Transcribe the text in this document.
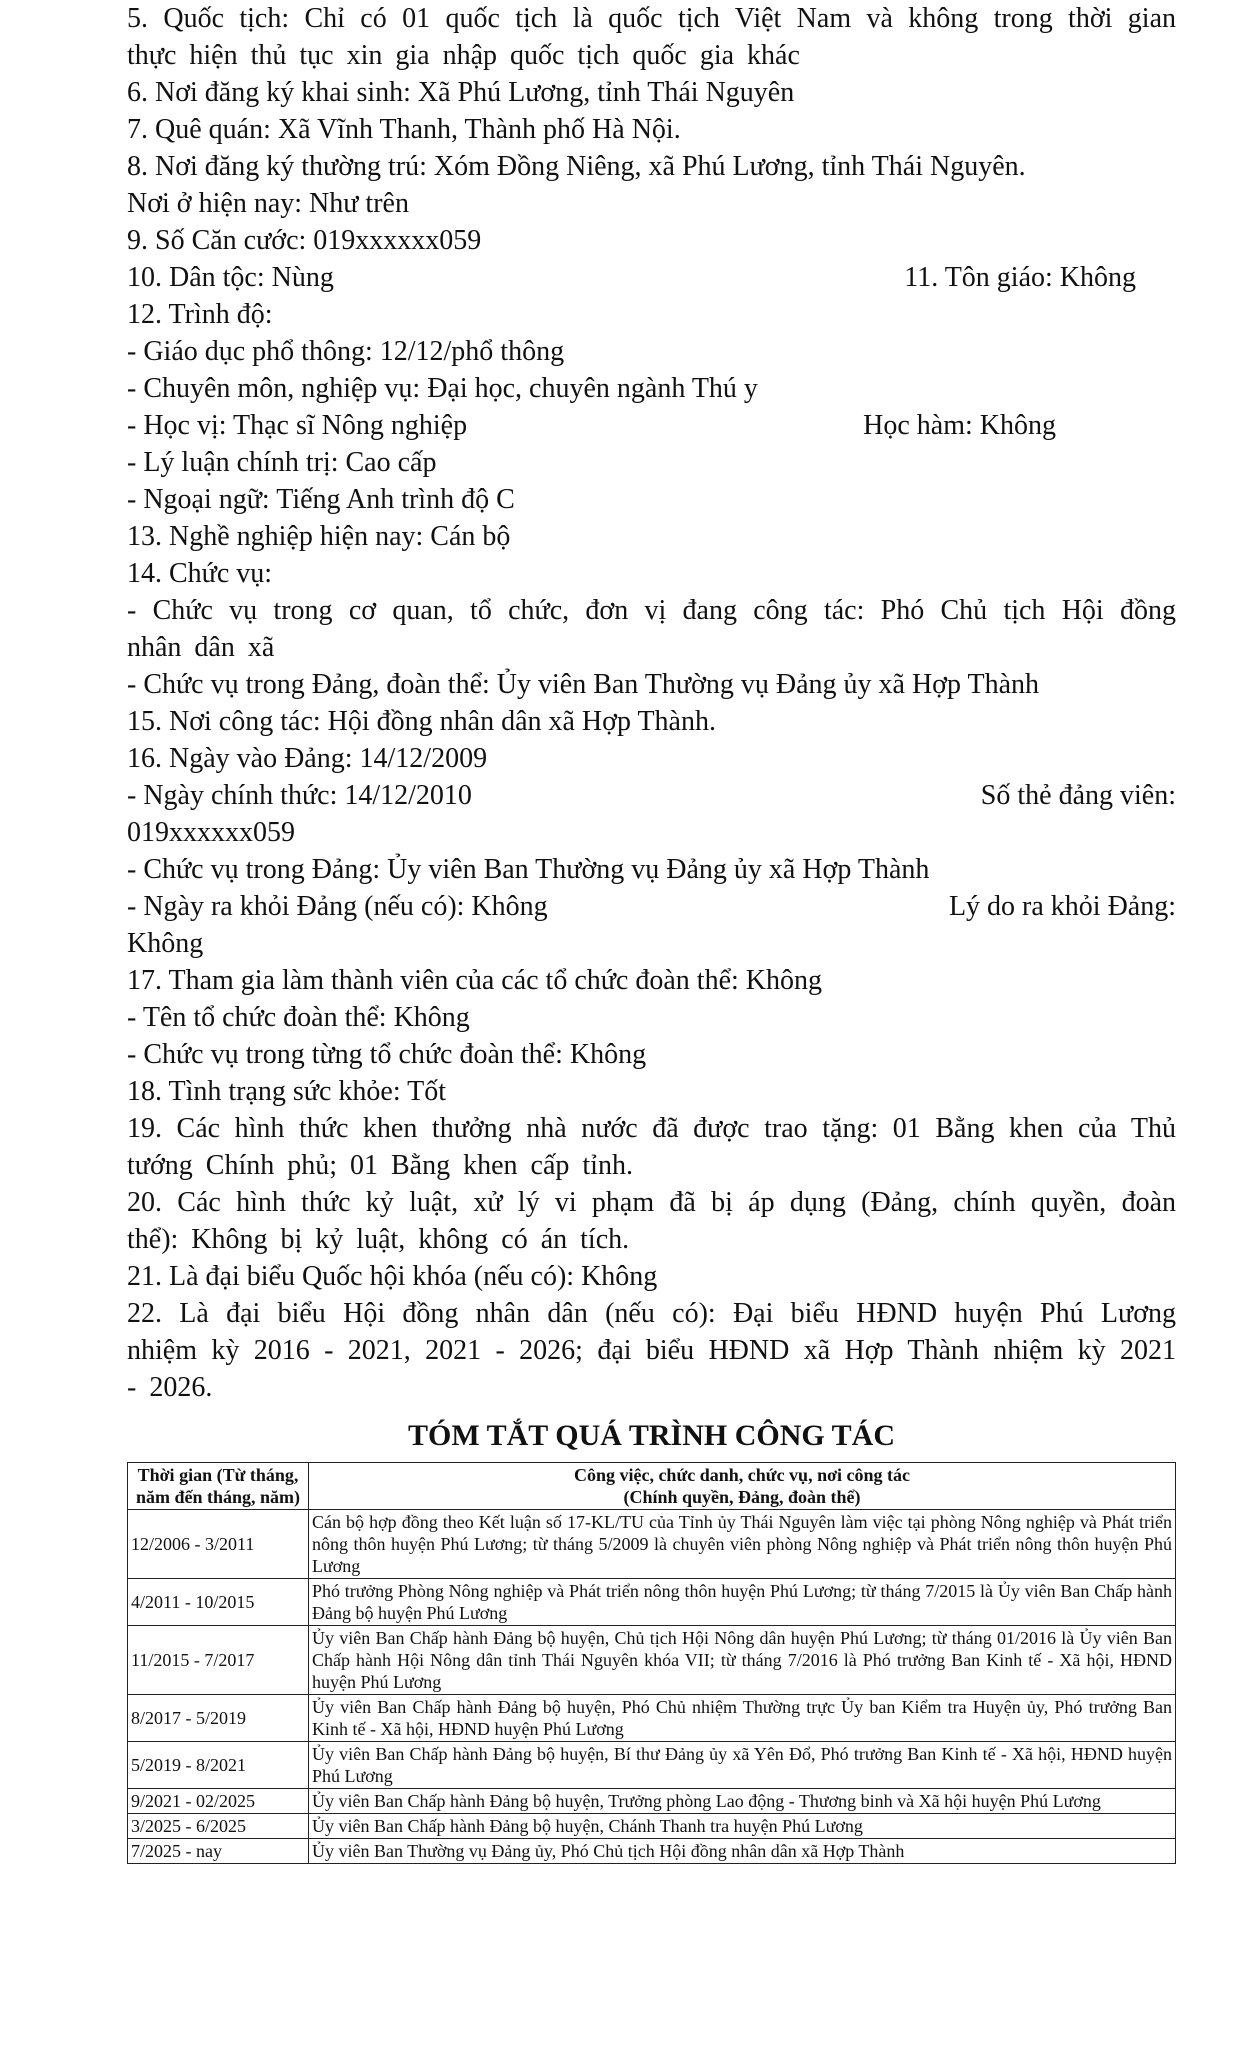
5. Quốc tịch: Chỉ có 01 quốc tịch là quốc tịch Việt Nam và không trong thời gian thực hiện thủ tục xin gia nhập quốc tịch quốc gia khác
6. Nơi đăng ký khai sinh: Xã Phú Lương, tỉnh Thái Nguyên
7. Quê quán: Xã Vĩnh Thanh, Thành phố Hà Nội.
8. Nơi đăng ký thường trú: Xóm Đồng Niêng, xã Phú Lương, tỉnh Thái Nguyên.
Nơi ở hiện nay: Như trên
9. Số Căn cước: 019xxxxxx059
10. Dân tộc: Nùng	11. Tôn giáo: Không
12. Trình độ:
- Giáo dục phổ thông: 12/12/phổ thông
- Chuyên môn, nghiệp vụ: Đại học, chuyên ngành Thú y
- Học vị: Thạc sĩ Nông nghiệp	Học hàm: Không
- Lý luận chính trị: Cao cấp
- Ngoại ngữ: Tiếng Anh trình độ C
13. Nghề nghiệp hiện nay: Cán bộ
14. Chức vụ:
- Chức vụ trong cơ quan, tổ chức, đơn vị đang công tác: Phó Chủ tịch Hội đồng nhân dân xã
- Chức vụ trong Đảng, đoàn thể: Ủy viên Ban Thường vụ Đảng ủy xã Hợp Thành
15. Nơi công tác: Hội đồng nhân dân xã Hợp Thành.
16. Ngày vào Đảng: 14/12/2009
- Ngày chính thức: 14/12/2010	Số thẻ đảng viên:
019xxxxxx059
- Chức vụ trong Đảng: Ủy viên Ban Thường vụ Đảng ủy xã Hợp Thành
- Ngày ra khỏi Đảng (nếu có): Không	Lý do ra khỏi Đảng:
Không
17. Tham gia làm thành viên của các tổ chức đoàn thể: Không
- Tên tổ chức đoàn thể: Không
- Chức vụ trong từng tổ chức đoàn thể: Không
18. Tình trạng sức khỏe: Tốt
19. Các hình thức khen thưởng nhà nước đã được trao tặng: 01 Bằng khen của Thủ tướng Chính phủ; 01 Bằng khen cấp tỉnh.
20. Các hình thức kỷ luật, xử lý vi phạm đã bị áp dụng (Đảng, chính quyền, đoàn thể): Không bị kỷ luật, không có án tích.
21. Là đại biểu Quốc hội khóa (nếu có): Không
22. Là đại biểu Hội đồng nhân dân (nếu có): Đại biểu HĐND huyện Phú Lương nhiệm kỳ 2016 - 2021, 2021 - 2026; đại biểu HĐND xã Hợp Thành nhiệm kỳ 2021 - 2026.
TÓM TẮT QUÁ TRÌNH CÔNG TÁC
Thời gian (Từ tháng, năm đến tháng, năm)	Công việc, chức danh, chức vụ, nơi công tác
(Chính quyền, Đảng, đoàn thể)

12/2006 - 3/2011	Cán bộ hợp đồng theo Kết luận số 17-KL/TU của Tỉnh ủy Thái Nguyên làm việc tại phòng Nông nghiệp và Phát triển nông thôn huyện Phú Lương; từ tháng 5/2009 là chuyên viên phòng Nông nghiệp và Phát triển nông thôn huyện Phú Lương
4/2011 - 10/2015	Phó trưởng Phòng Nông nghiệp và Phát triển nông thôn huyện Phú Lương; từ tháng 7/2015 là Ủy viên Ban Chấp hành Đảng bộ huyện Phú Lương
11/2015 - 7/2017	Ủy viên Ban Chấp hành Đảng bộ huyện, Chủ tịch Hội Nông dân huyện Phú Lương; từ tháng 01/2016 là Ủy viên Ban Chấp hành Hội Nông dân tỉnh Thái Nguyên khóa VII; từ tháng 7/2016 là Phó trưởng Ban Kinh tế - Xã hội, HĐND huyện Phú Lương
8/2017 - 5/2019	Ủy viên Ban Chấp hành Đảng bộ huyện, Phó Chủ nhiệm Thường trực Ủy ban Kiểm tra Huyện ủy, Phó trưởng Ban Kinh tế - Xã hội, HĐND huyện Phú Lương
5/2019 - 8/2021	Ủy viên Ban Chấp hành Đảng bộ huyện, Bí thư Đảng ủy xã Yên Đổ, Phó trưởng Ban Kinh tế - Xã hội, HĐND huyện Phú Lương
9/2021 - 02/2025	Ủy viên Ban Chấp hành Đảng bộ huyện, Trưởng phòng Lao động - Thương binh và Xã hội huyện Phú Lương
3/2025 - 6/2025	Ủy viên Ban Chấp hành Đảng bộ huyện, Chánh Thanh tra huyện Phú Lương
7/2025 - nay	Ủy viên Ban Thường vụ Đảng ủy, Phó Chủ tịch Hội đồng nhân dân xã Hợp Thành
